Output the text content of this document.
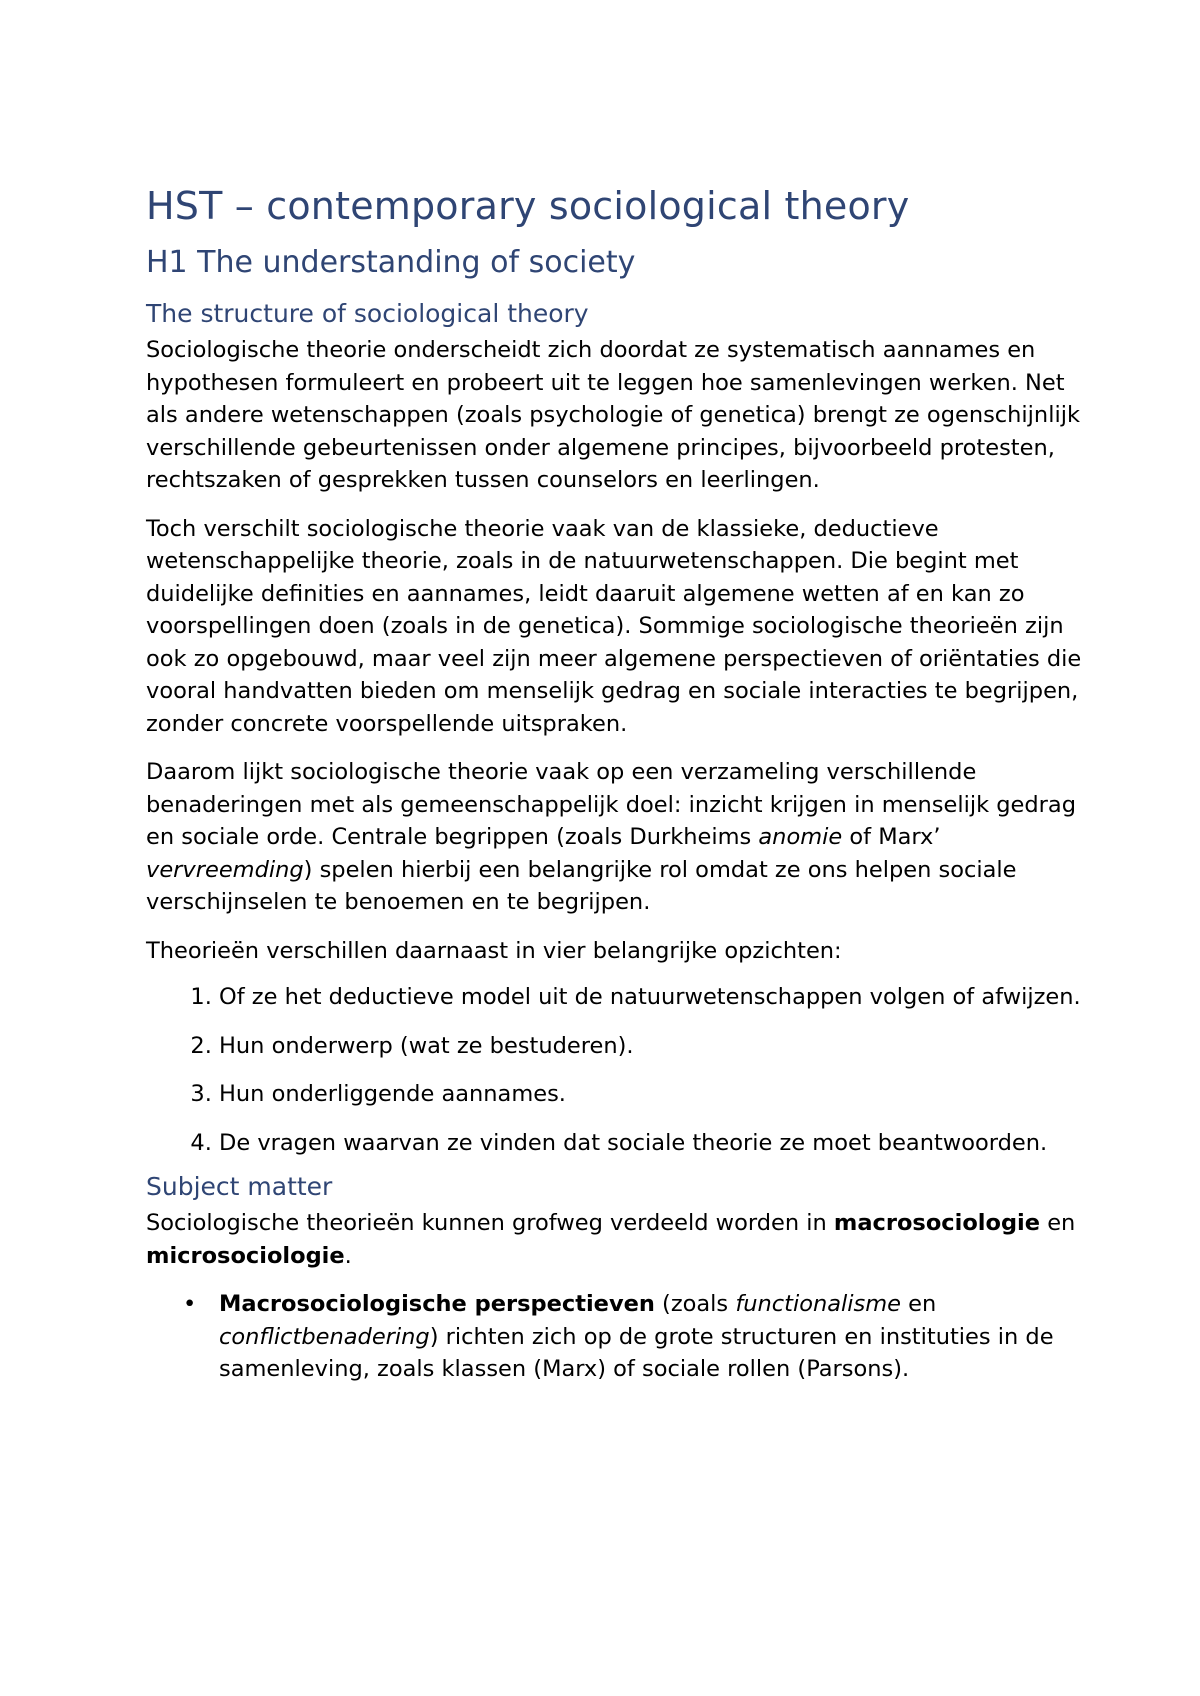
HST – contemporary sociological theory
H1 The understanding of society
The structure of sociological theory

Sociologische theorie onderscheidt zich doordat ze systematisch aannames en hypothesen formuleert en probeert uit te leggen hoe samenlevingen werken. Net als andere wetenschappen (zoals psychologie of genetica) brengt ze ogenschijnlijk verschillende gebeurtenissen onder algemene principes, bijvoorbeeld protesten, rechtszaken of gesprekken tussen counselors en leerlingen.

Toch verschilt sociologische theorie vaak van de klassieke, deductieve wetenschappelijke theorie, zoals in de natuurwetenschappen. Die begint met duidelijke definities en aannames, leidt daaruit algemene wetten af en kan zo voorspellingen doen (zoals in de genetica). Sommige sociologische theorieën zijn ook zo opgebouwd, maar veel zijn meer algemene perspectieven of oriëntaties die vooral handvatten bieden om menselijk gedrag en sociale interacties te begrijpen, zonder concrete voorspellende uitspraken.

Daarom lijkt sociologische theorie vaak op een verzameling verschillende benaderingen met als gemeenschappelijk doel: inzicht krijgen in menselijk gedrag en sociale orde. Centrale begrippen (zoals Durkheims anomie of Marx’ vervreemding) spelen hierbij een belangrijke rol omdat ze ons helpen sociale verschijnselen te benoemen en te begrijpen.

Theorieën verschillen daarnaast in vier belangrijke opzichten:

1. Of ze het deductieve model uit de natuurwetenschappen volgen of afwijzen.
2. Hun onderwerp (wat ze bestuderen).
3. Hun onderliggende aannames.
4. De vragen waarvan ze vinden dat sociale theorie ze moet beantwoorden.
Subject matter

Sociologische theorieën kunnen grofweg verdeeld worden in macrosociologie en microsociologie.

• Macrosociologische perspectieven (zoals functionalisme en conflictbenadering) richten zich op de grote structuren en instituties in de samenleving, zoals klassen (Marx) of sociale rollen (Parsons).
